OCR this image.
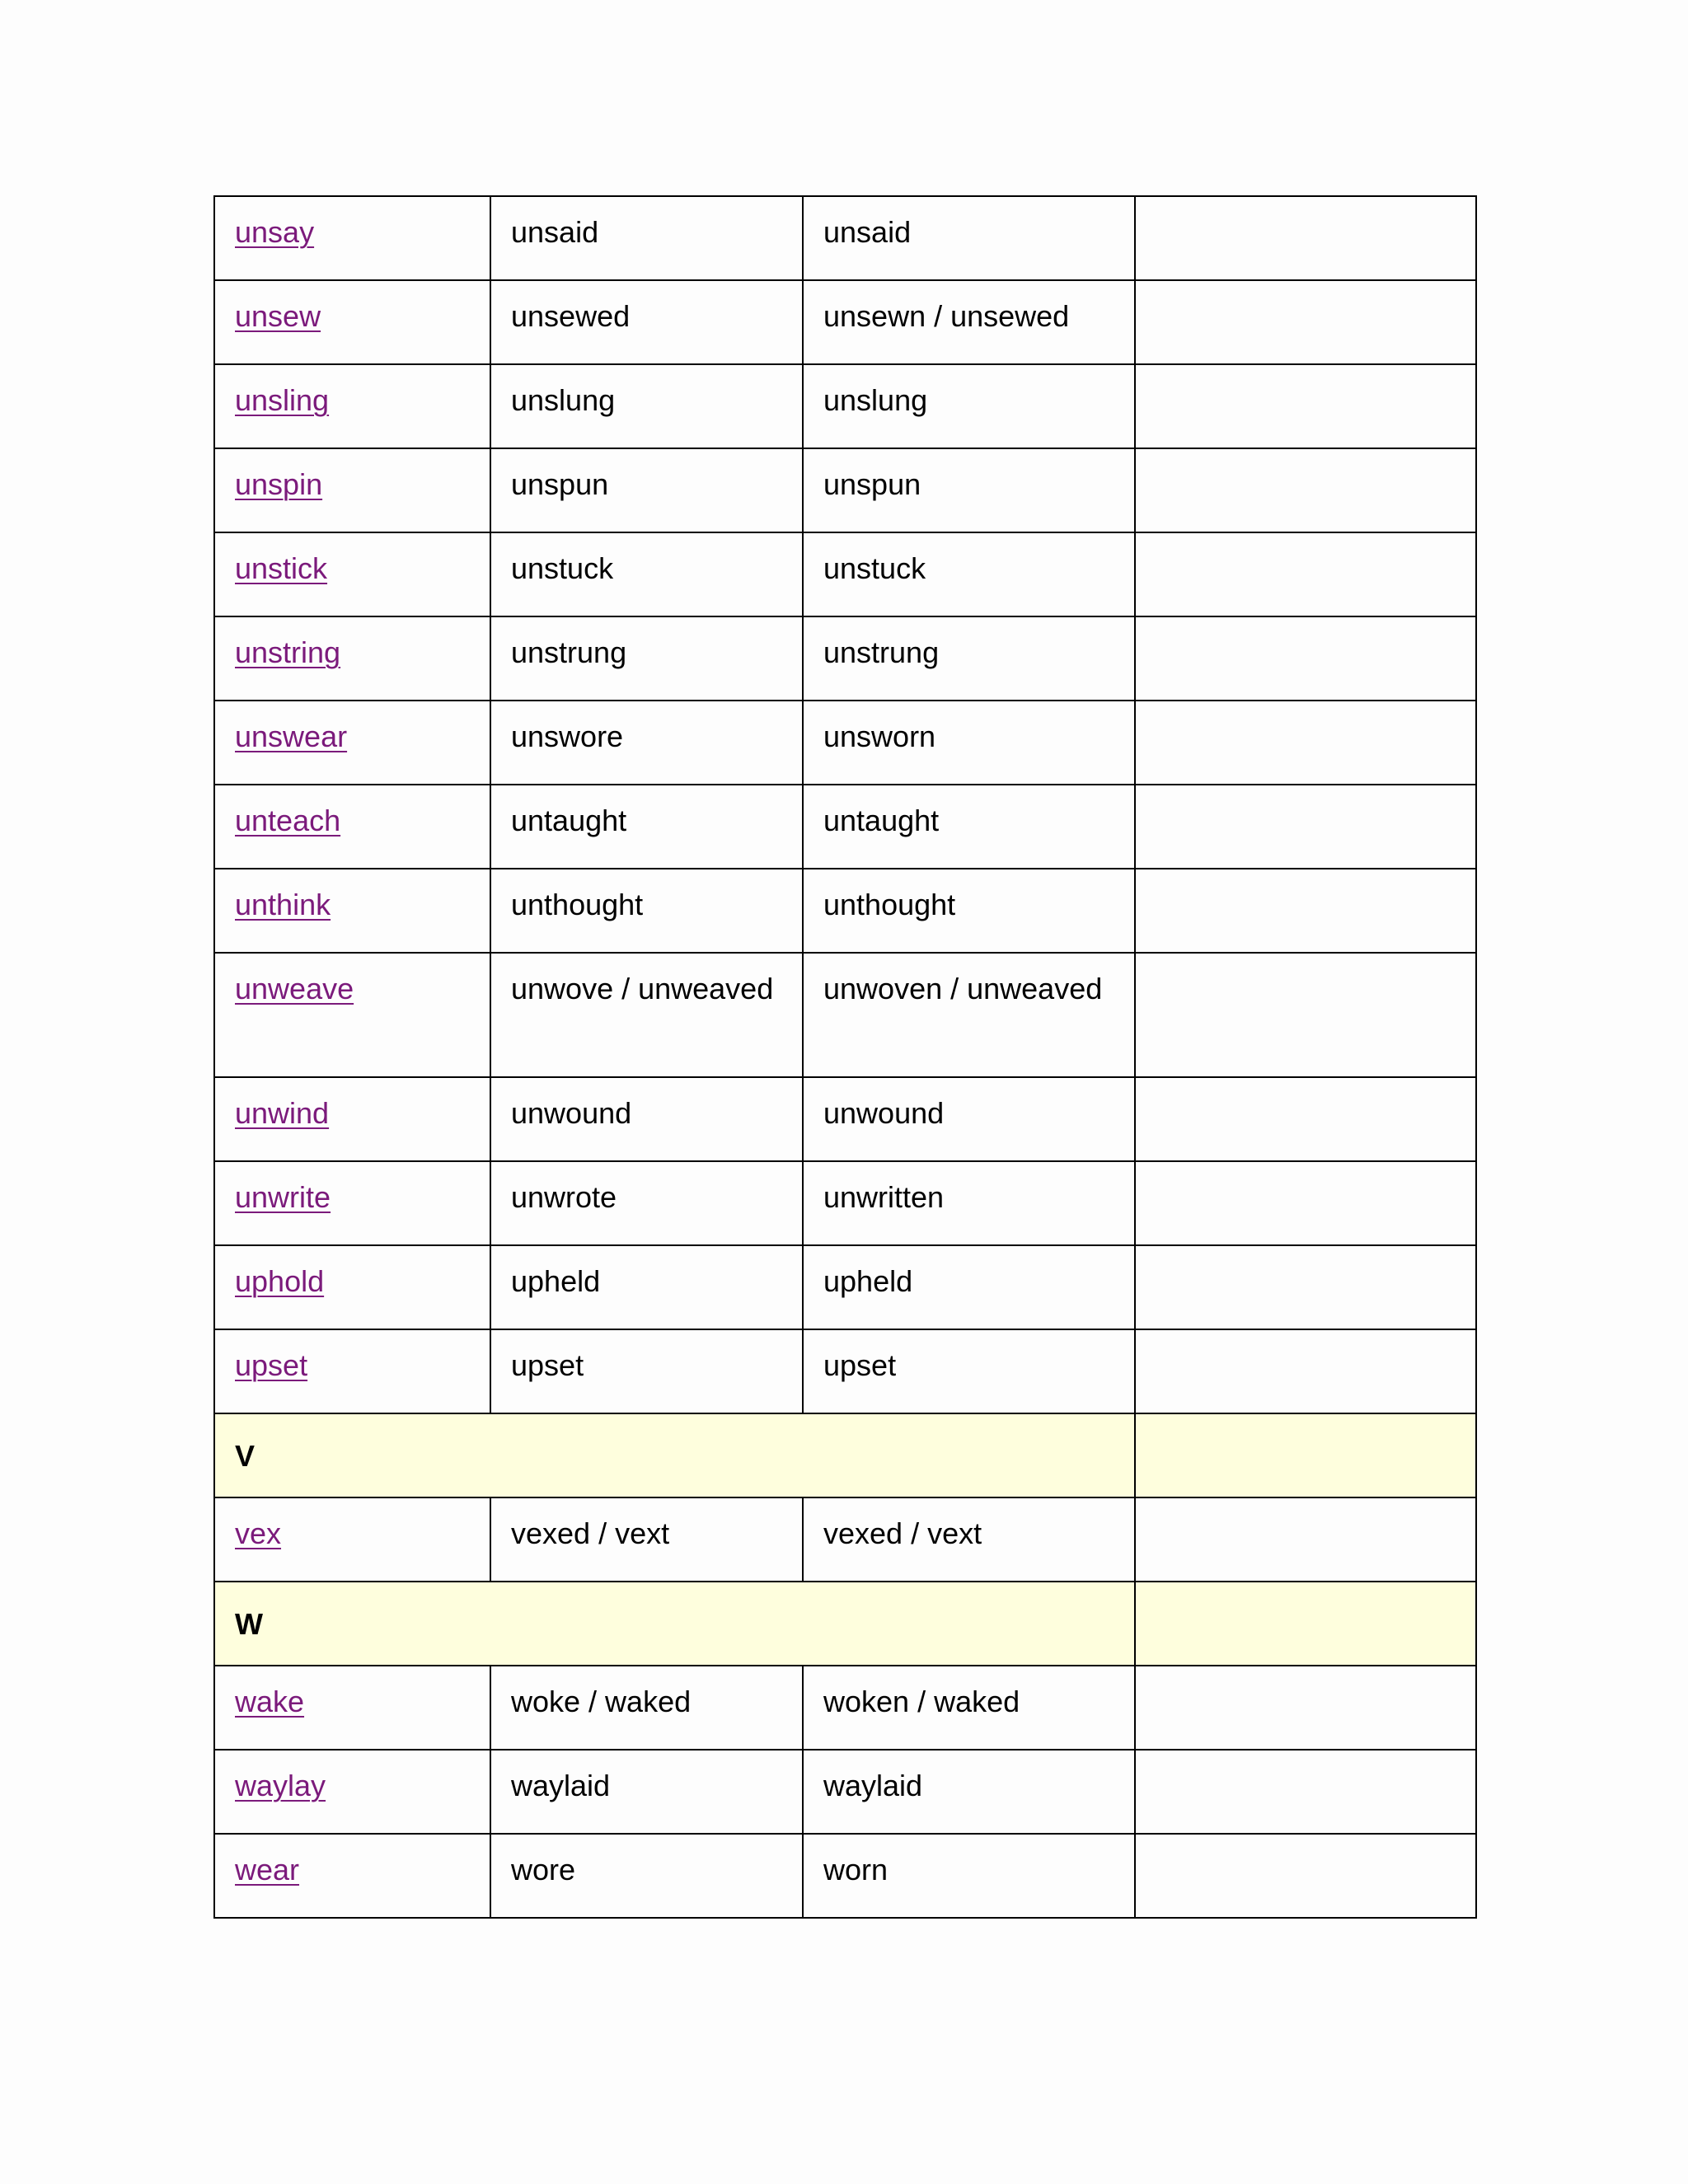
unsay	unsaid	unsaid	
unsew	unsewed	unsewn / unsewed	
unsling	unslung	unslung	
unspin	unspun	unspun	
unstick	unstuck	unstuck	
unstring	unstrung	unstrung	
unswear	unswore	unsworn	
unteach	untaught	untaught	
unthink	unthought	unthought	
unweave	unwove / unweaved	unwoven / unweaved	
unwind	unwound	unwound	
unwrite	unwrote	unwritten	
uphold	upheld	upheld	
upset	upset	upset	
V			
vex	vexed / vext	vexed / vext	
W			
wake	woke / waked	woken / waked	
waylay	waylaid	waylaid	
wear	wore	worn	
